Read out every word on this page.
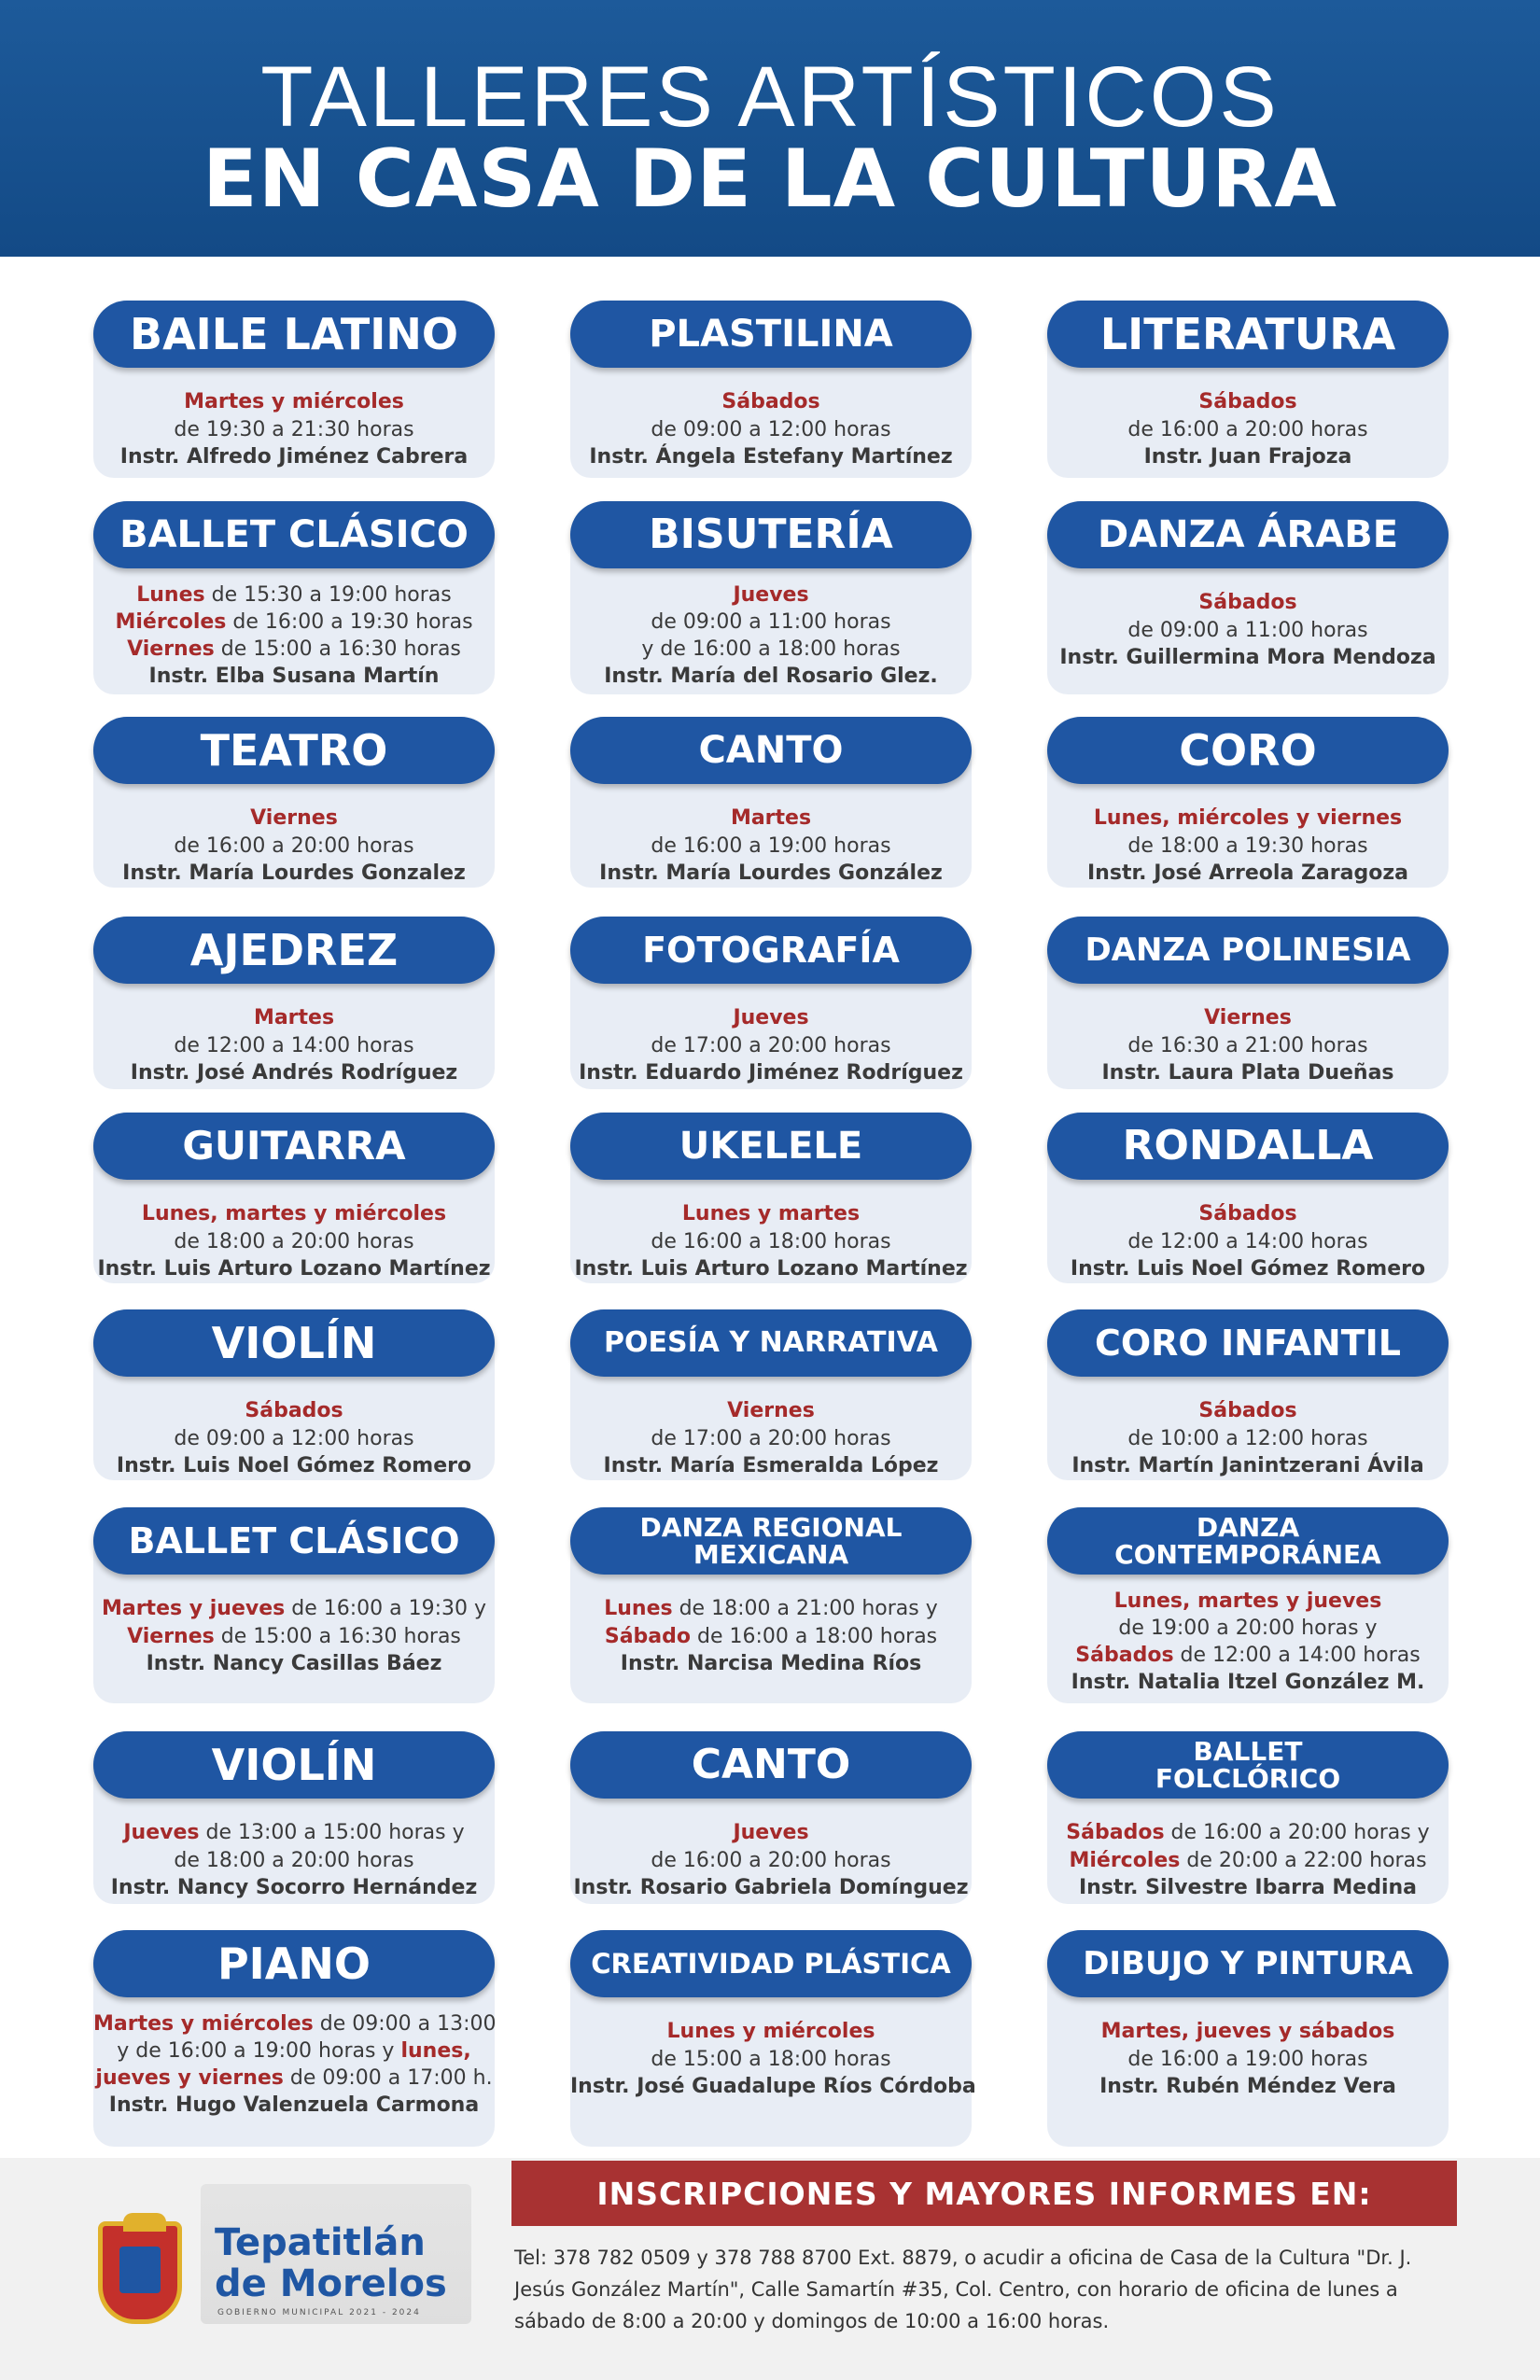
TALLERES ARTÍSTICOS
EN CASA DE LA CULTURA
Martes y miércoles
de 19:30 a 21:30 horas
Instr. Alfredo Jiménez Cabrera
BAILE LATINO
Sábados
de 09:00 a 12:00 horas
Instr. Ángela Estefany Martínez
PLASTILINA
Sábados
de 16:00 a 20:00 horas
Instr. Juan Frajoza
LITERATURA
Lunes de 15:30 a 19:00 horas
Miércoles de 16:00 a 19:30 horas
Viernes de 15:00 a 16:30 horas
Instr. Elba Susana Martín
BALLET CLÁSICO
Jueves
de 09:00 a 11:00 horas
y de 16:00 a 18:00 horas
Instr. María del Rosario Glez.
BISUTERÍA
Sábados
de 09:00 a 11:00 horas
Instr. Guillermina Mora Mendoza
DANZA ÁRABE
Viernes
de 16:00 a 20:00 horas
Instr. María Lourdes Gonzalez
TEATRO
Martes
de 16:00 a 19:00 horas
Instr. María Lourdes González
CANTO
Lunes, miércoles y viernes
de 18:00 a 19:30 horas
Instr. José Arreola Zaragoza
CORO
Martes
de 12:00 a 14:00 horas
Instr. José Andrés Rodríguez
AJEDREZ
Jueves
de 17:00 a 20:00 horas
Instr. Eduardo Jiménez Rodríguez
FOTOGRAFÍA
Viernes
de 16:30 a 21:00 horas
Instr. Laura Plata Dueñas
DANZA POLINESIA
Lunes, martes y miércoles
de 18:00 a 20:00 horas
Instr. Luis Arturo Lozano Martínez
GUITARRA
Lunes y martes
de 16:00 a 18:00 horas
Instr. Luis Arturo Lozano Martínez
UKELELE
Sábados
de 12:00 a 14:00 horas
Instr. Luis Noel Gómez Romero
RONDALLA
Sábados
de 09:00 a 12:00 horas
Instr. Luis Noel Gómez Romero
VIOLÍN
Viernes
de 17:00 a 20:00 horas
Instr. María Esmeralda López
POESÍA Y NARRATIVA
Sábados
de 10:00 a 12:00 horas
Instr. Martín Janintzerani Ávila
CORO INFANTIL
Martes y jueves de 16:00 a 19:30 y
Viernes de 15:00 a 16:30 horas
Instr. Nancy Casillas Báez
BALLET CLÁSICO
Lunes de 18:00 a 21:00 horas y
Sábado de 16:00 a 18:00 horas
Instr. Narcisa Medina Ríos
DANZA REGIONAL
MEXICANA
Lunes, martes y jueves
de 19:00 a 20:00 horas y
Sábados de 12:00 a 14:00 horas
Instr. Natalia Itzel González M.
DANZA
CONTEMPORÁNEA
Jueves de 13:00 a 15:00 horas y
de 18:00 a 20:00 horas
Instr. Nancy Socorro Hernández
VIOLÍN
Jueves
de 16:00 a 20:00 horas
Instr. Rosario Gabriela Domínguez
CANTO
Sábados de 16:00 a 20:00 horas y
Miércoles de 20:00 a 22:00 horas
Instr. Silvestre Ibarra Medina
BALLET
FOLCLÓRICO
Martes y miércoles de 09:00 a 13:00
y de 16:00 a 19:00 horas y lunes,
jueves y viernes de 09:00 a 17:00 h.
Instr. Hugo Valenzuela Carmona
PIANO
Lunes y miércoles
de 15:00 a 18:00 horas
Instr. José Guadalupe Ríos Córdoba
CREATIVIDAD PLÁSTICA
Martes, jueves y sábados
de 16:00 a 19:00 horas
Instr. Rubén Méndez Vera
DIBUJO Y PINTURA
Tepatitlán
de Morelos
GOBIERNO MUNICIPAL 2021 - 2024
INSCRIPCIONES Y MAYORES INFORMES EN:
Tel: 378 782 0509 y 378 788 8700 Ext. 8879, o acudir a oficina de Casa de la Cultura "Dr. J. Jesús González Martín", Calle Samartín #35, Col. Centro, con horario de oficina de lunes a sábado de 8:00 a 20:00 y domingos de 10:00 a 16:00 horas.
